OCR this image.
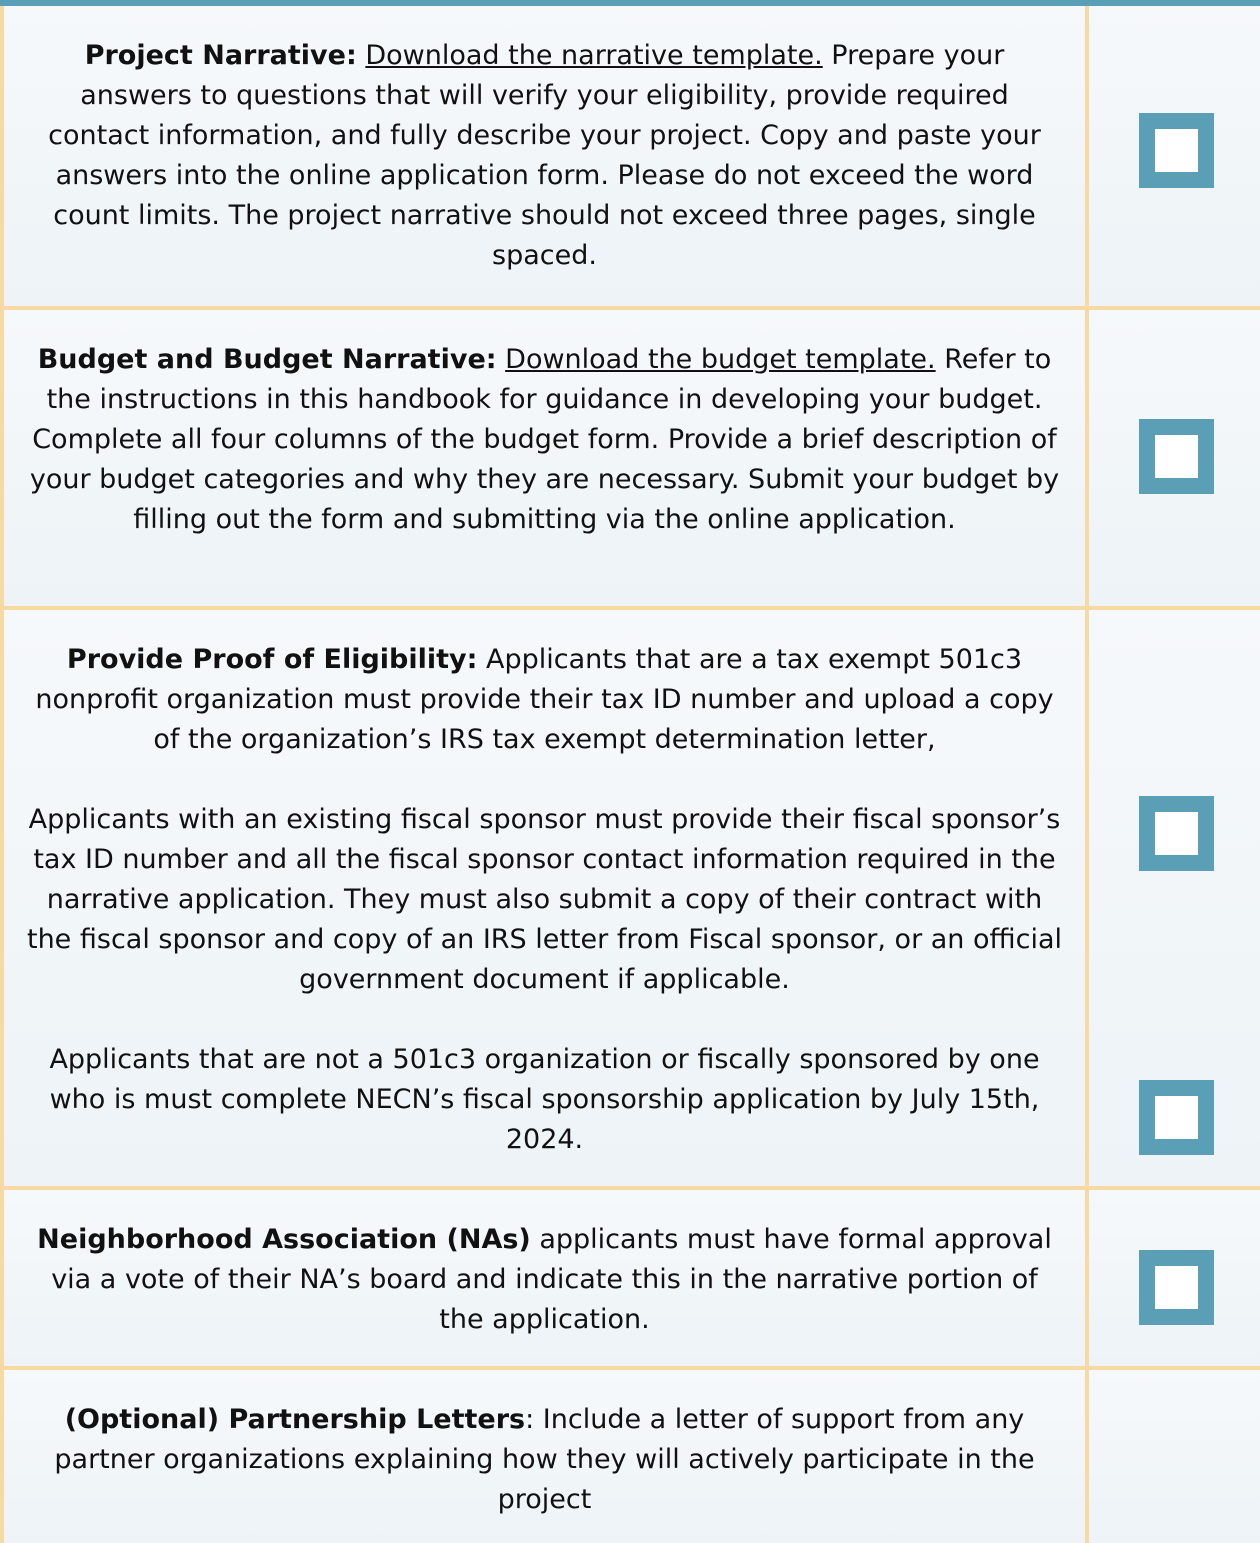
Project Narrative: Download the narrative template. Prepare your answers to questions that will verify your eligibility, provide required contact information, and fully describe your project. Copy and paste your answers into the online application form. Please do not exceed the word count limits. The project narrative should not exceed three pages, single spaced.

Budget and Budget Narrative: Download the budget template. Refer to the instructions in this handbook for guidance in developing your budget. Complete all four columns of the budget form. Provide a brief description of your budget categories and why they are necessary. Submit your budget by filling out the form and submitting via the online application.

Provide Proof of Eligibility: Applicants that are a tax exempt 501c3 nonprofit organization must provide their tax ID number and upload a copy of the organization’s IRS tax exempt determination letter,

Applicants with an existing fiscal sponsor must provide their fiscal sponsor’s tax ID number and all the fiscal sponsor contact information required in the narrative application. They must also submit a copy of their contract with the fiscal sponsor and copy of an IRS letter from Fiscal sponsor, or an official government document if applicable.

Applicants that are not a 501c3 organization or fiscally sponsored by one who is must complete NECN’s fiscal sponsorship application by July 15th, 2024.

Neighborhood Association (NAs) applicants must have formal approval via a vote of their NA’s board and indicate this in the narrative portion of the application.

(Optional) Partnership Letters: Include a letter of support from any partner organizations explaining how they will actively participate in the project
